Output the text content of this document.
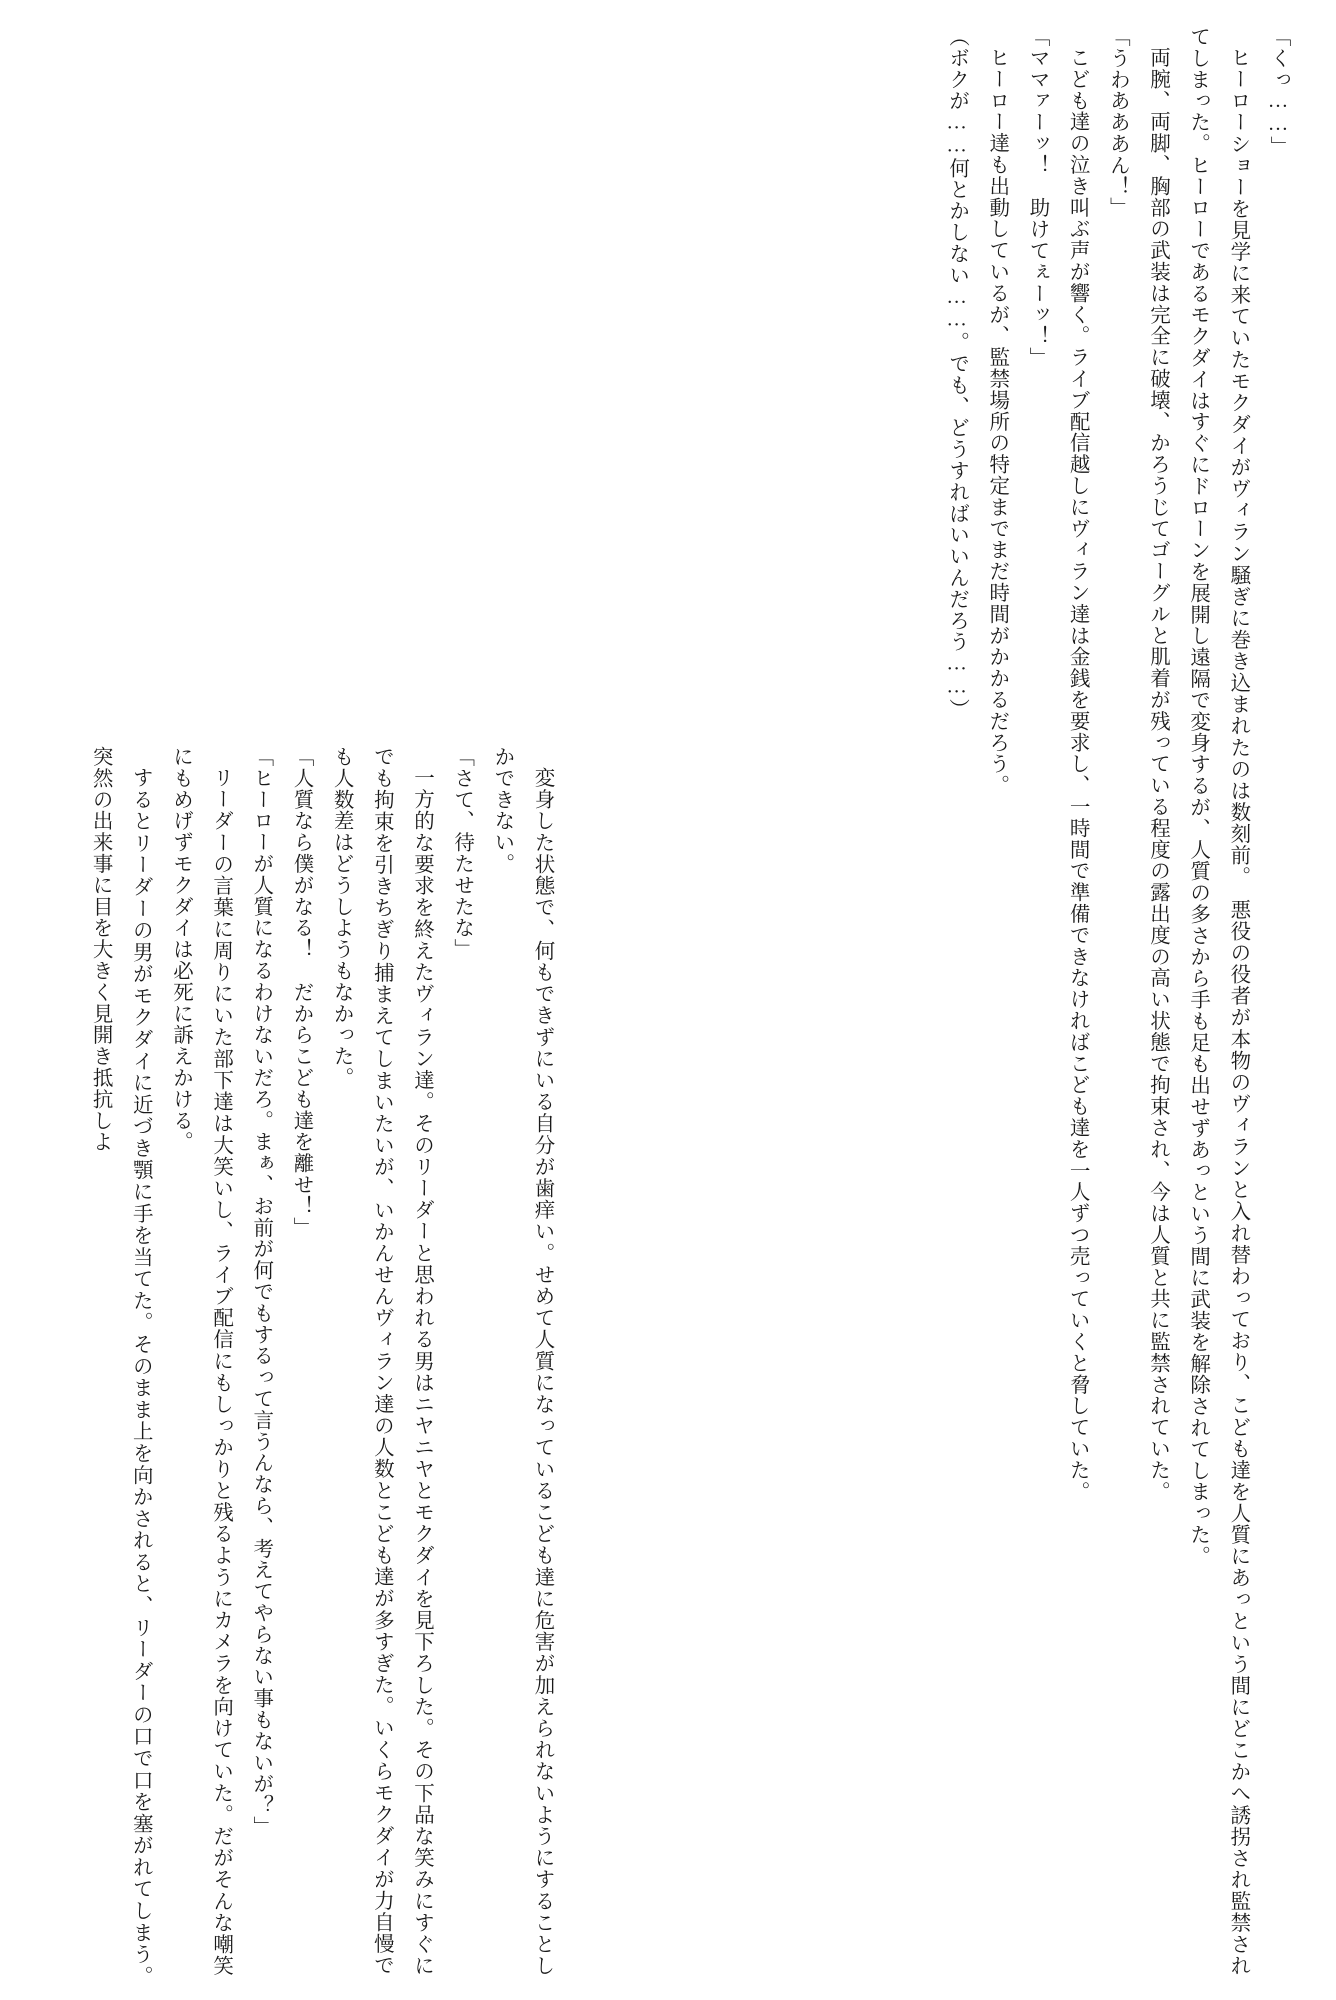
「くっ……」

ヒーローショーを見学に来ていたモクダイがヴィラン騒ぎに巻き込まれたのは数刻前。　悪役の役者が本物のヴィランと入れ替わっており、こども達を人質にあっという間にどこかへ誘拐され監禁されてしまった。ヒーローであるモクダイはすぐにドローンを展開し遠隔で変身するが、人質の多さから手も足も出せずあっという間に武装を解除されてしまった。

両腕、両脚、胸部の武装は完全に破壊、かろうじてゴーグルと肌着が残っている程度の露出度の高い状態で拘束され、今は人質と共に監禁されていた。

「うわあああん！」

こども達の泣き叫ぶ声が響く。ライブ配信越しにヴィラン達は金銭を要求し、一時間で準備できなければこども達を一人ずつ売っていくと脅していた。

「ママァーッ！　助けてぇーッ！」

ヒーロー達も出動しているが、監禁場所の特定までまだ時間がかかるだろう。

（ボクが……何とかしない……。でも、どうすればいいんだろう……）

変身した状態で、何もできずにいる自分が歯痒い。せめて人質になっているこども達に危害が加えられないようにすることしかできない。

「さて、待たせたな」

一方的な要求を終えたヴィラン達。そのリーダーと思われる男はニヤニヤとモクダイを見下ろした。その下品な笑みにすぐにでも拘束を引きちぎり捕まえてしまいたいが、いかんせんヴィラン達の人数とこども達が多すぎた。いくらモクダイが力自慢でも人数差はどうしようもなかった。

「人質なら僕がなる！　だからこども達を離せ！」

「ヒーローが人質になるわけないだろ。まぁ、お前が何でもするって言うんなら、考えてやらない事もないが？」

リーダーの言葉に周りにいた部下達は大笑いし、ライブ配信にもしっかりと残るようにカメラを向けていた。だがそんな嘲笑にもめげずモクダイは必死に訴えかける。

するとリーダーの男がモクダイに近づき顎に手を当てた。そのまま上を向かされると、リーダーの口で口を塞がれてしまう。　突然の出来事に目を大きく見開き抵抗しよ
